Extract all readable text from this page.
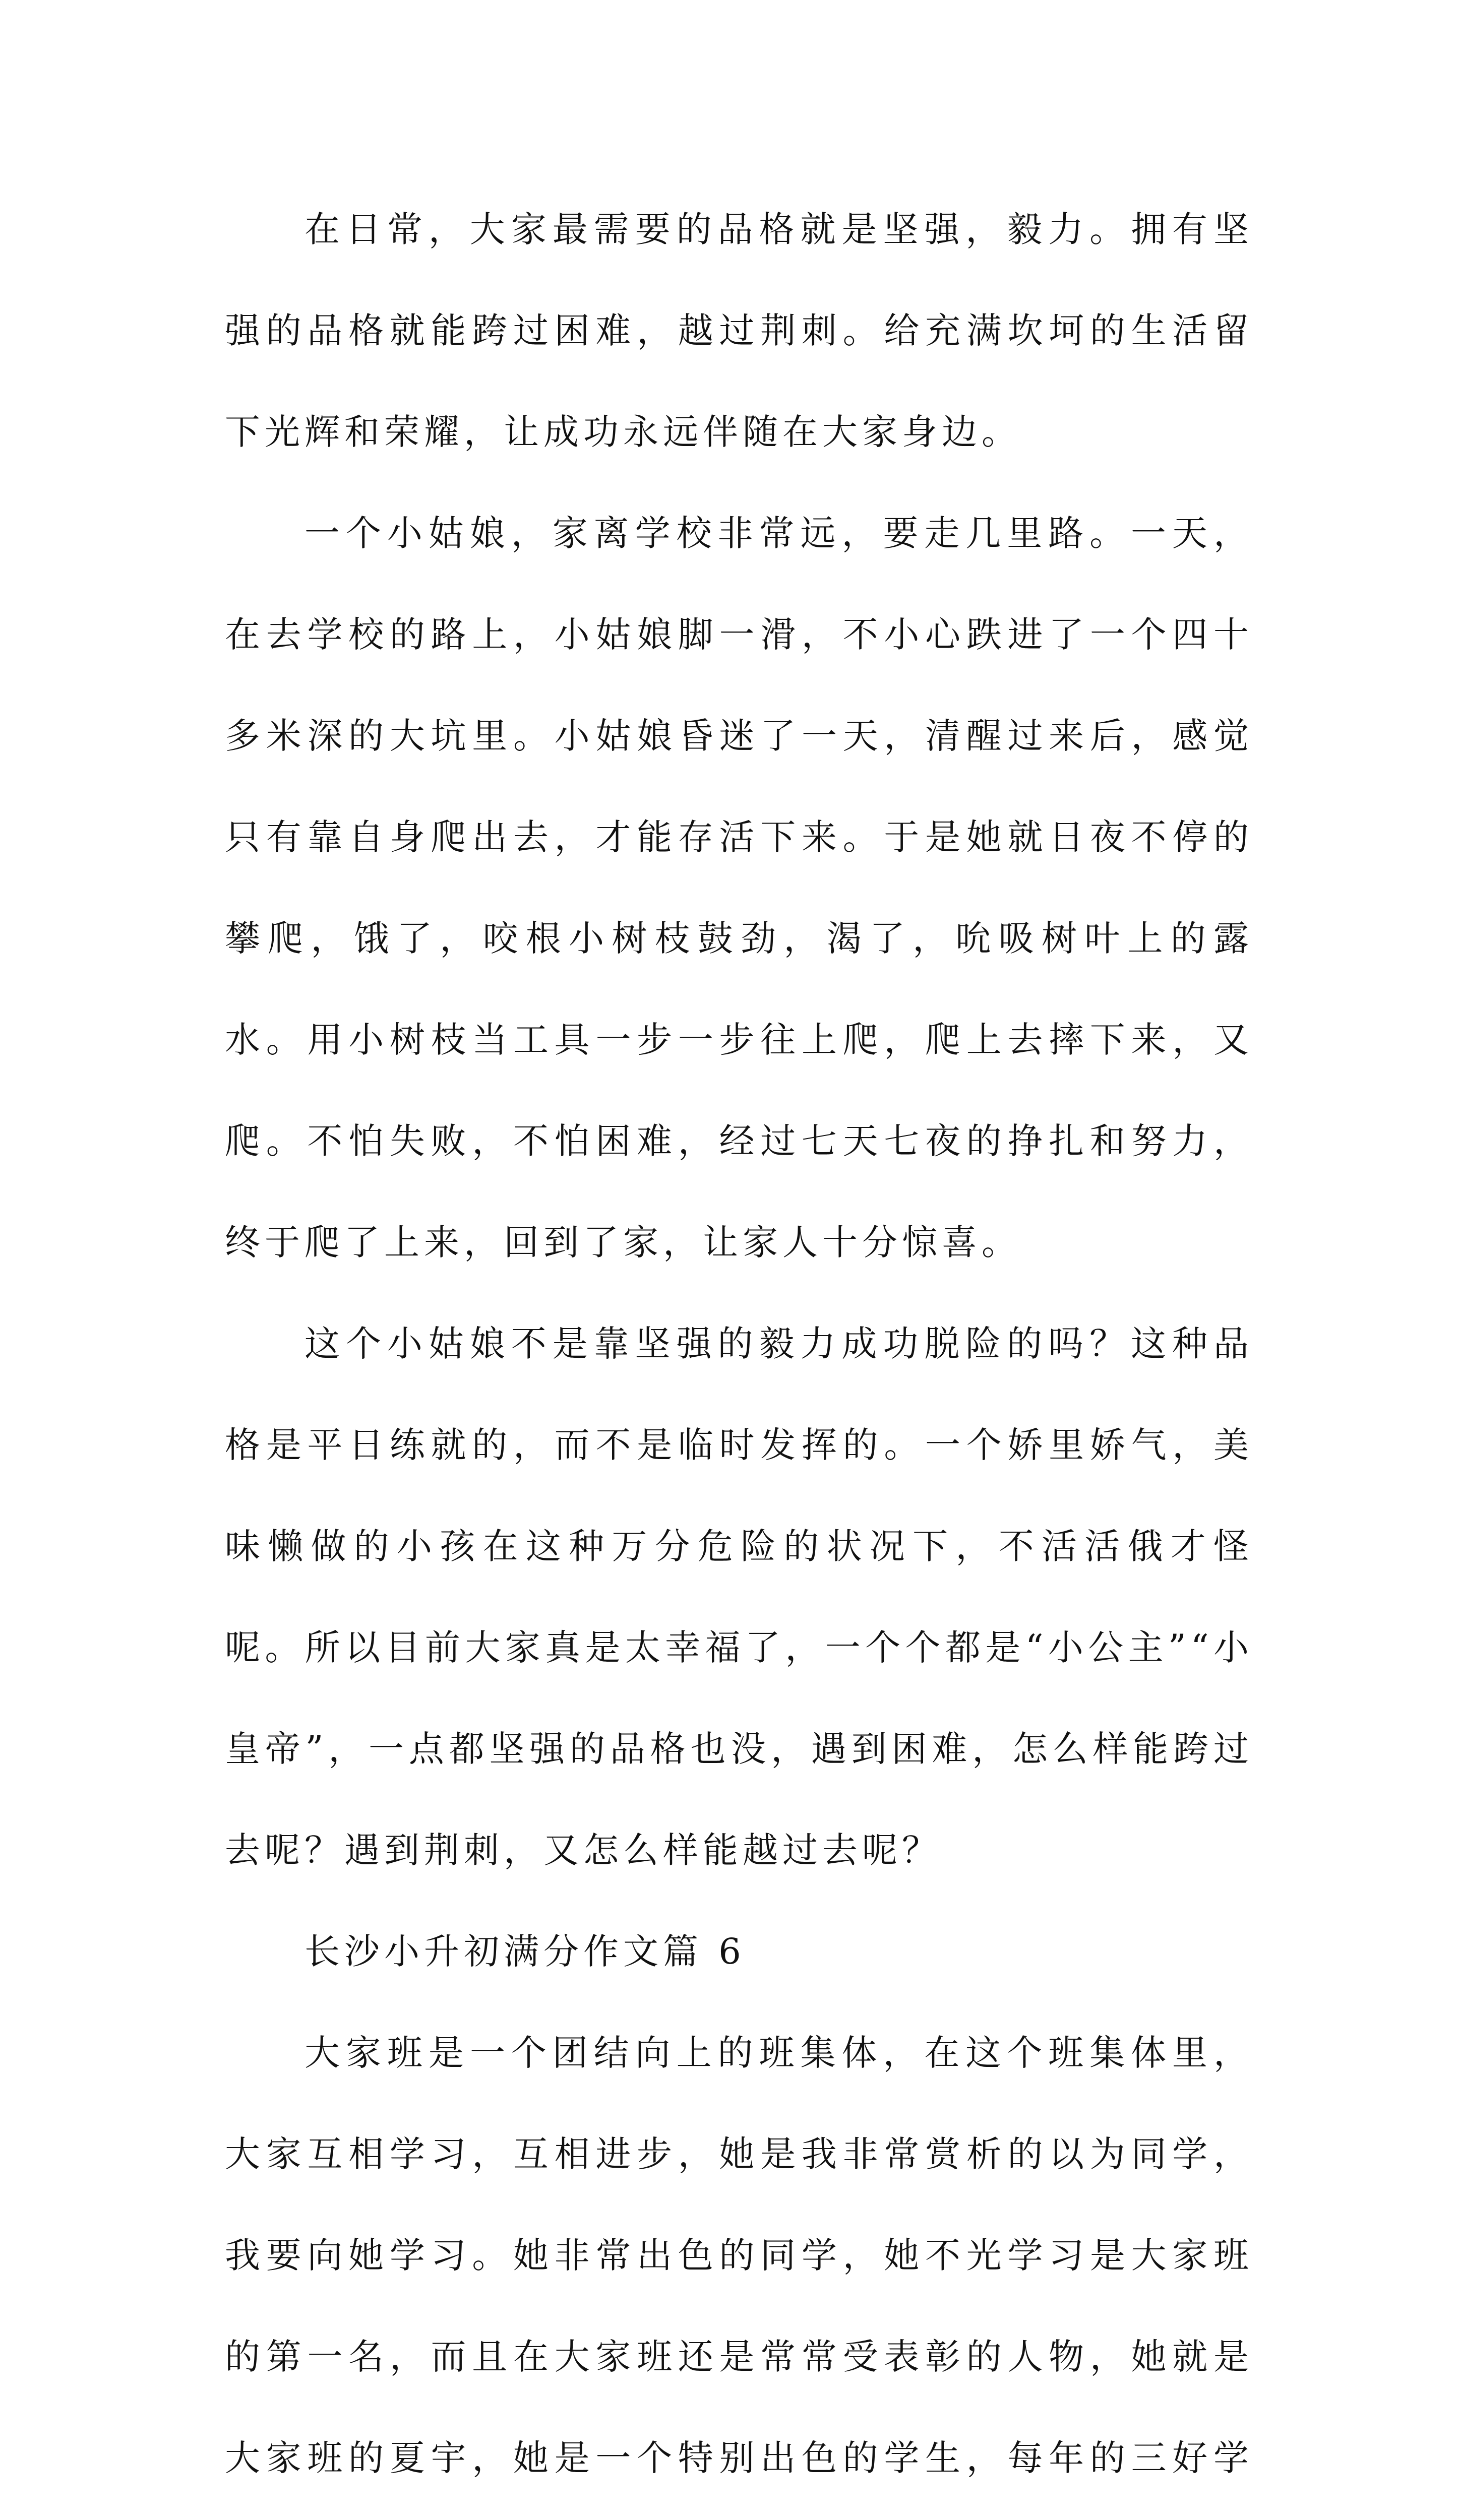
在日常，大家最需要的品格就是坚强，毅力。拥有坚强的品格就能跨过困难，越过荆刺。给充满坎坷的生活留下光辉和荣耀，让成功永远伴随在大家身边。

一个小姑娘，家离学校非常远，要走几里路。一天，在去学校的路上，小姑娘脚一滑，不小心跌进了一个四十多米深的大坑里。小姑娘昏迷了一天，清醒过来后，感觉只有靠自身爬出去，才能存活下来。于是她就日夜不停的攀爬，饿了，咬根小树枝鼓劲，渴了，吮吸树叶上的露水。用小树枝当工具一步一步往上爬，爬上去摔下来，又爬。不怕失败，不怕困难，经过七天七夜的挣扎和努力，终于爬了上来，回到了家，让家人十分惊喜。

这个小姑娘不是靠坚强的毅力成功脱险的吗？这种品格是平日练就的，而不是临时发挥的。一个娇里娇气，美味懒做的小孩在这种万分危险的状况下，不活活俄才怪呢。所以目前大家真是太幸福了，一个个都是“小公主”“小皇帝”，一点都坚强的品格也没，遇到困难，怎么样能跨过去呢？遇到荆刺，又怎么样能越过去呢？

长沙小升初满分作文篇 6

大家班是一个团结向上的班集体，在这个班集体里，大家互相学习，互相进步，她是我非常赏析的以为同学，我要向她学习。她非常出色的同学，她不光学习是大家班的第一名，而且在大家班还是常常受表彰的人物，她就是大家班的夏宇，她是一个特别出色的学生，每年的三好学
